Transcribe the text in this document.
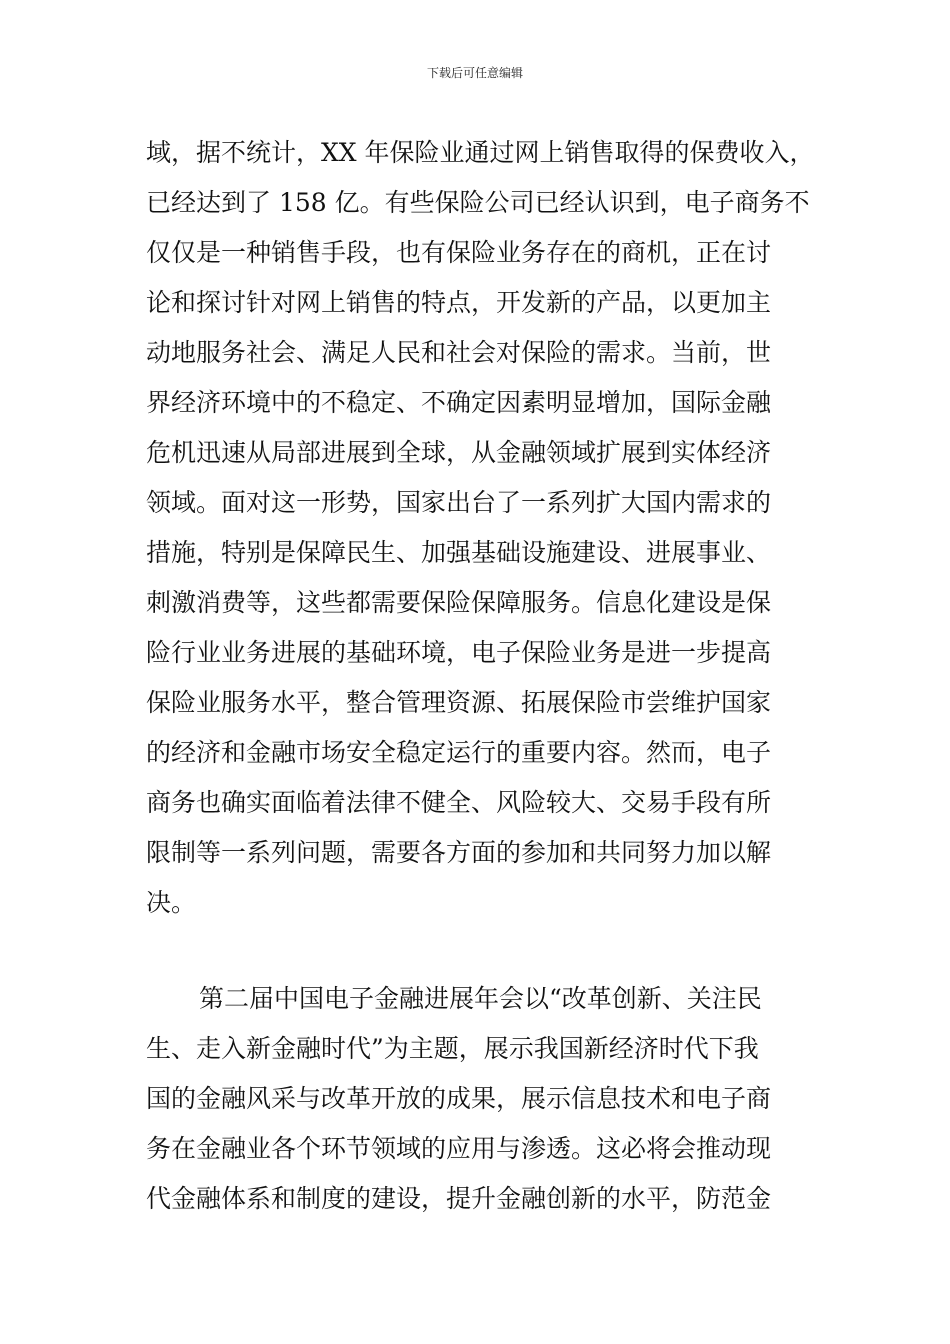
下载后可任意编辑
域，据不统计，XX 年保险业通过网上销售取得的保费收入，
已经达到了 158 亿。有些保险公司已经认识到，电子商务不
仅仅是一种销售手段，也有保险业务存在的商机，正在讨
论和探讨针对网上销售的特点，开发新的产品，以更加主
动地服务社会、满足人民和社会对保险的需求。当前，世
界经济环境中的不稳定、不确定因素明显增加，国际金融
危机迅速从局部进展到全球，从金融领域扩展到实体经济
领域。面对这一形势，国家出台了一系列扩大国内需求的
措施，特别是保障民生、加强基础设施建设、进展事业、
刺激消费等，这些都需要保险保障服务。信息化建设是保
险行业业务进展的基础环境，电子保险业务是进一步提高
保险业服务水平，整合管理资源、拓展保险市尝维护国家
的经济和金融市场安全稳定运行的重要内容。然而，电子
商务也确实面临着法律不健全、风险较大、交易手段有所
限制等一系列问题，需要各方面的参加和共同努力加以解
决。
第二届中国电子金融进展年会以“改革创新、关注民
生、走入新金融时代”为主题，展示我国新经济时代下我
国的金融风采与改革开放的成果，展示信息技术和电子商
务在金融业各个环节领域的应用与渗透。这必将会推动现
代金融体系和制度的建设，提升金融创新的水平，防范金
